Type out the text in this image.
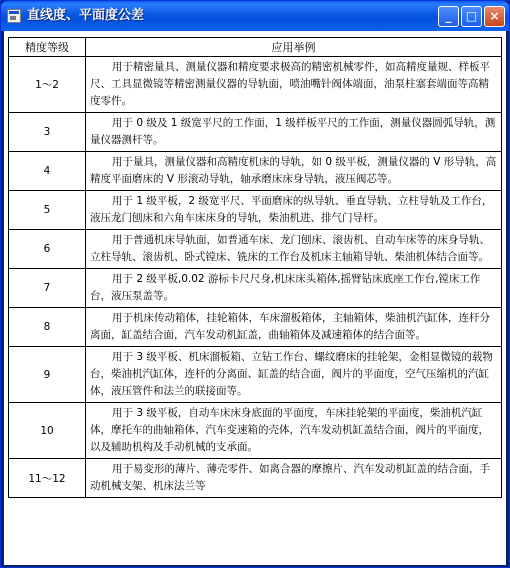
直线度、平面度公差	_	□	×
精度等级	应用举例
1～2	用于精密量具、测量仪器和精度要求极高的精密机械零件，如高精度量规、样板平尺、工具显微镜等精密测量仪器的导轨面，喷油嘴针阀体端面，油泵柱塞套端面等高精度零件。
3	用于 0 级及 1 级宽平尺的工作面，1 级样板平尺的工作面，测量仪器圆弧导轨，测量仪器测杆等。
4	用于量具，测量仪器和高精度机床的导轨，如 0 级平板，测量仪器的 V 形导轨，高精度平面磨床的 V 形滚动导轨，轴承磨床床身导轨，液压阀芯等。
5	用于 1 级平板，2 级宽平尺、平面磨床的纵导轨、垂直导轨、立柱导轨及工作台，液压龙门刨床和六角车床床身的导轨，柴油机进、排气门导杆。
6	用于普通机床导轨面，如普通车床、龙门刨床、滚齿机、自动车床等的床身导轨、立柱导轨、滚齿机、卧式镗床、铣床的工作台及机床主轴箱导轨、柴油机体结合面等。
7	用于 2 级平板,0.02 游标卡尺尺身,机床床头箱体,摇臂钻床底座工作台,镗床工作台，液压泵盖等。
8	用于机床传动箱体，挂轮箱体，车床溜板箱体，主轴箱体，柴油机汽缸体，连杆分离面，缸盖结合面，汽车发动机缸盖，曲轴箱体及减速箱体的结合面等。
9	用于 3 级平板、机床溜板箱、立钻工作台、螺纹磨床的挂轮架，金相显微镜的载物台，柴油机汽缸体，连杆的分离面、缸盖的结合面，阀片的平面度，空气压缩机的汽缸体，液压管件和法兰的联接面等。
10	用于 3 级平板，自动车床床身底面的平面度，车床挂轮架的平面度，柴油机汽缸体，摩托车的曲轴箱体、汽车变速箱的壳体，汽车发动机缸盖结合面，阀片的平面度，以及辅助机构及手动机械的支承面。
11～12	用于易变形的薄片、薄壳零件、如离合器的摩擦片、汽车发动机缸盖的结合面，手动机械支架、机床法兰等
